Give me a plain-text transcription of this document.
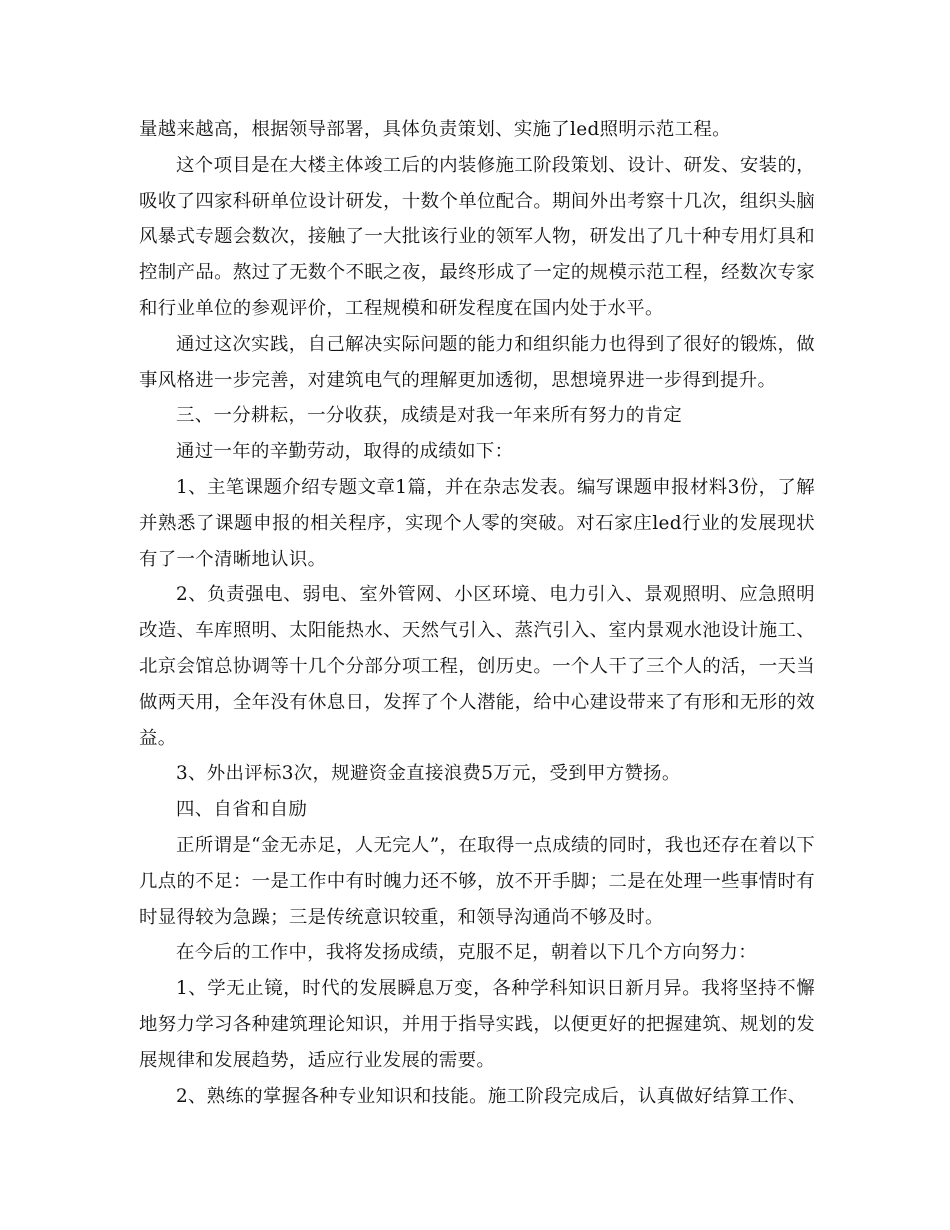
量越来越高，根据领导部署，具体负责策划、实施了led照明示范工程。

这个项目是在大楼主体竣工后的内装修施工阶段策划、设计、研发、安装的，吸收了四家科研单位设计研发，十数个单位配合。期间外出考察十几次，组织头脑风暴式专题会数次，接触了一大批该行业的领军人物，研发出了几十种专用灯具和控制产品。熬过了无数个不眠之夜，最终形成了一定的规模示范工程，经数次专家和行业单位的参观评价，工程规模和研发程度在国内处于水平。

通过这次实践，自己解决实际问题的能力和组织能力也得到了很好的锻炼，做事风格进一步完善，对建筑电气的理解更加透彻，思想境界进一步得到提升。

三、一分耕耘，一分收获，成绩是对我一年来所有努力的肯定

通过一年的辛勤劳动，取得的成绩如下：

1、主笔课题介绍专题文章1篇，并在杂志发表。编写课题申报材料3份，了解并熟悉了课题申报的相关程序，实现个人零的突破。对石家庄led行业的发展现状有了一个清晰地认识。

2、负责强电、弱电、室外管网、小区环境、电力引入、景观照明、应急照明改造、车库照明、太阳能热水、天然气引入、蒸汽引入、室内景观水池设计施工、北京会馆总协调等十几个分部分项工程，创历史。一个人干了三个人的活，一天当做两天用，全年没有休息日，发挥了个人潜能，给中心建设带来了有形和无形的效益。

3、外出评标3次，规避资金直接浪费5万元，受到甲方赞扬。

四、自省和自励

正所谓是“金无赤足，人无完人”，在取得一点成绩的同时，我也还存在着以下几点的不足：一是工作中有时魄力还不够，放不开手脚；二是在处理一些事情时有时显得较为急躁；三是传统意识较重，和领导沟通尚不够及时。

在今后的工作中，我将发扬成绩，克服不足，朝着以下几个方向努力：

1、学无止镜，时代的发展瞬息万变，各种学科知识日新月异。我将坚持不懈地努力学习各种建筑理论知识，并用于指导实践，以便更好的把握建筑、规划的发展规律和发展趋势，适应行业发展的需要。

2、熟练的掌握各种专业知识和技能。施工阶段完成后，认真做好结算工作、
